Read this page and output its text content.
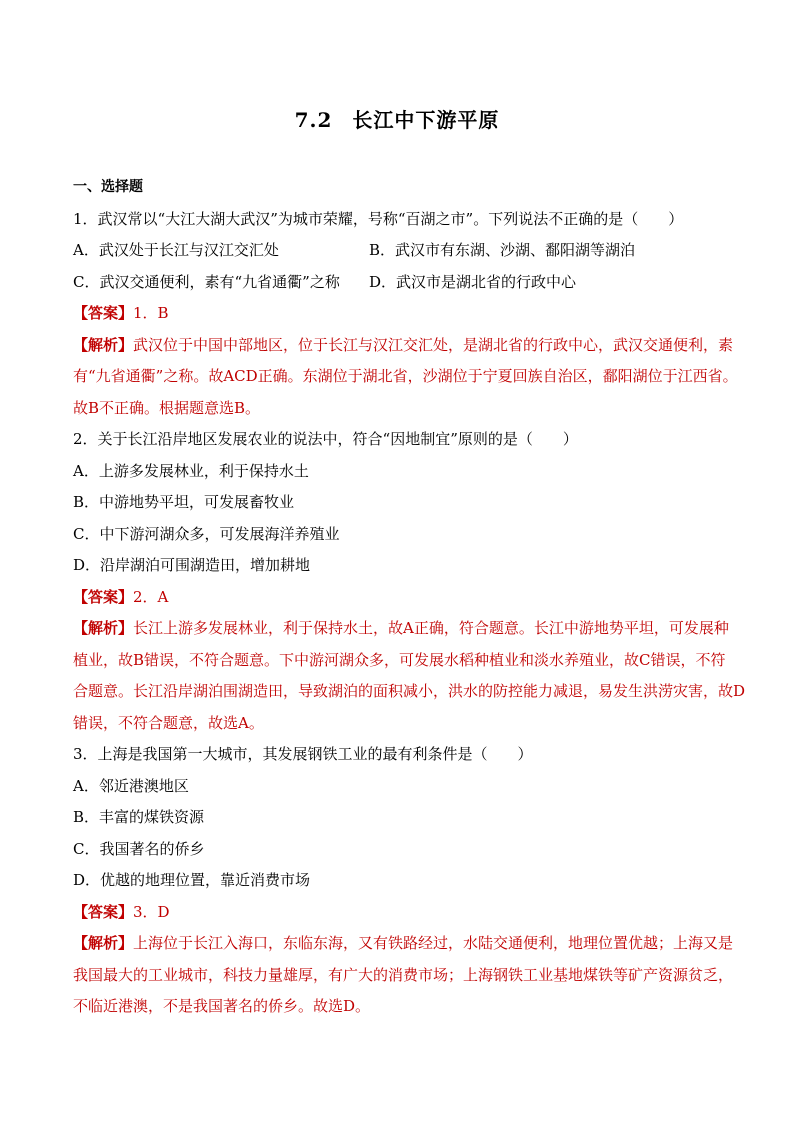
7.2 长江中下游平原
一、选择题
1．武汉常以“大江大湖大武汉”为城市荣耀，号称“百湖之市”。下列说法不正确的是（　　）
A．武汉处于长江与汉江交汇处	B．武汉市有东湖、沙湖、鄱阳湖等湖泊
C．武汉交通便利，素有“九省通衢”之称	D．武汉市是湖北省的行政中心
【答案】1．B
【解析】武汉位于中国中部地区，位于长江与汉江交汇处，是湖北省的行政中心，武汉交通便利，素
有“九省通衢”之称。故ACD正确。东湖位于湖北省，沙湖位于宁夏回族自治区，鄱阳湖位于江西省。
故B不正确。根据题意选B。
2．关于长江沿岸地区发展农业的说法中，符合“因地制宜”原则的是（　　）
A．上游多发展林业，利于保持水土
B．中游地势平坦，可发展畜牧业
C．中下游河湖众多，可发展海洋养殖业
D．沿岸湖泊可围湖造田，增加耕地
【答案】2．A
【解析】长江上游多发展林业，利于保持水土，故A正确，符合题意。长江中游地势平坦，可发展种
植业，故B错误，不符合题意。下中游河湖众多，可发展水稻种植业和淡水养殖业，故C错误，不符
合题意。长江沿岸湖泊围湖造田，导致湖泊的面积减小，洪水的防控能力减退，易发生洪涝灾害，故D
错误，不符合题意，故选A。
3．上海是我国第一大城市，其发展钢铁工业的最有利条件是（　　）
A．邻近港澳地区
B．丰富的煤铁资源
C．我国著名的侨乡
D．优越的地理位置，靠近消费市场
【答案】3．D
【解析】上海位于长江入海口，东临东海，又有铁路经过，水陆交通便利，地理位置优越；上海又是
我国最大的工业城市，科技力量雄厚，有广大的消费市场；上海钢铁工业基地煤铁等矿产资源贫乏，
不临近港澳，不是我国著名的侨乡。故选D。
